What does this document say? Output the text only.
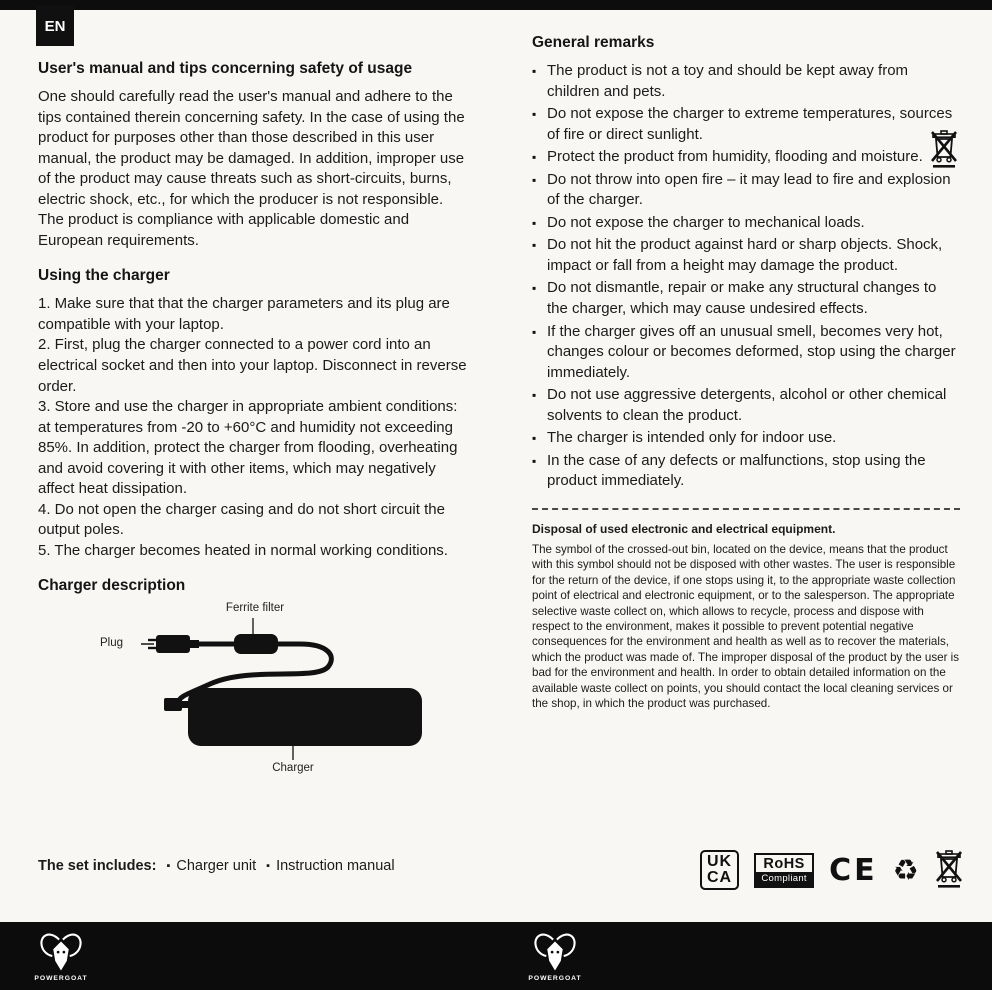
EN
User's manual and tips concerning safety of usage

One should carefully read the user's manual and adhere to the tips contained therein concerning safety. In the case of using the product for purposes other than those described in this user manual, the product may be damaged. In addition, improper use of the product may cause threats such as short-circuits, burns, electric shock, etc., for which the producer is not responsible. The product is compliance with applicable domestic and European requirements.

Using the charger

1. Make sure that that the charger parameters and its plug are compatible with your laptop.

2. First, plug the charger connected to a power cord into an electrical socket and then into your laptop. Disconnect in reverse order.

3. Store and use the charger in appropriate ambient conditions: at temperatures from -20 to +60°C and humidity not exceeding 85%. In addition, protect the charger from flooding, overheating and avoid covering it with other items, which may negatively affect heat dissipation.

4. Do not open the charger casing and do not short circuit the output poles.

5. The charger becomes heated in normal working conditions.

Charger description
Ferrite filter
Plug
Charger
General remarks
▪ The product is not a toy and should be kept away from children and pets.
▪ Do not expose the charger to extreme temperatures, sources of fire or direct sunlight.
▪ Protect the product from humidity, flooding and moisture.
▪ Do not throw into open fire – it may lead to fire and explosion of the charger.
▪ Do not expose the charger to mechanical loads.
▪ Do not hit the product against hard or sharp objects. Shock, impact or fall from a height may damage the product.
▪ Do not dismantle, repair or make any structural changes to the charger, which may cause undesired effects.
▪ If the charger gives off an unusual smell, becomes very hot, changes colour or becomes deformed, stop using the charger immediately.
▪ Do not use aggressive detergents, alcohol or other chemical solvents to clean the product.
▪ The charger is intended only for indoor use.
▪ In the case of any defects or malfunctions, stop using the product immediately.

Disposal of used electronic and electrical equipment.

The symbol of the crossed-out bin, located on the device, means that the product with this symbol should not be disposed with other wastes. The user is responsible for the return of the device, if one stops using it, to the appropriate waste collection point of electrical and electronic equipment, or to the salesperson. The appropriate selective waste collect on, which allows to recycle, process and dispose with respect to the environment, makes it possible to prevent potential negative consequences for the environment and health as well as to recover the materials, which the product was made of. The improper disposal of the product by the user is bad for the environment and health. In order to obtain detailed information on the available waste collect on points, you should contact the local cleaning services or the shop, in which the product was purchased.

The set includes: ▪ Charger unit ▪ Instruction manual	UK
CA
RoHS
Compliant CE ♻
POWERGOAT	POWERGOAT
